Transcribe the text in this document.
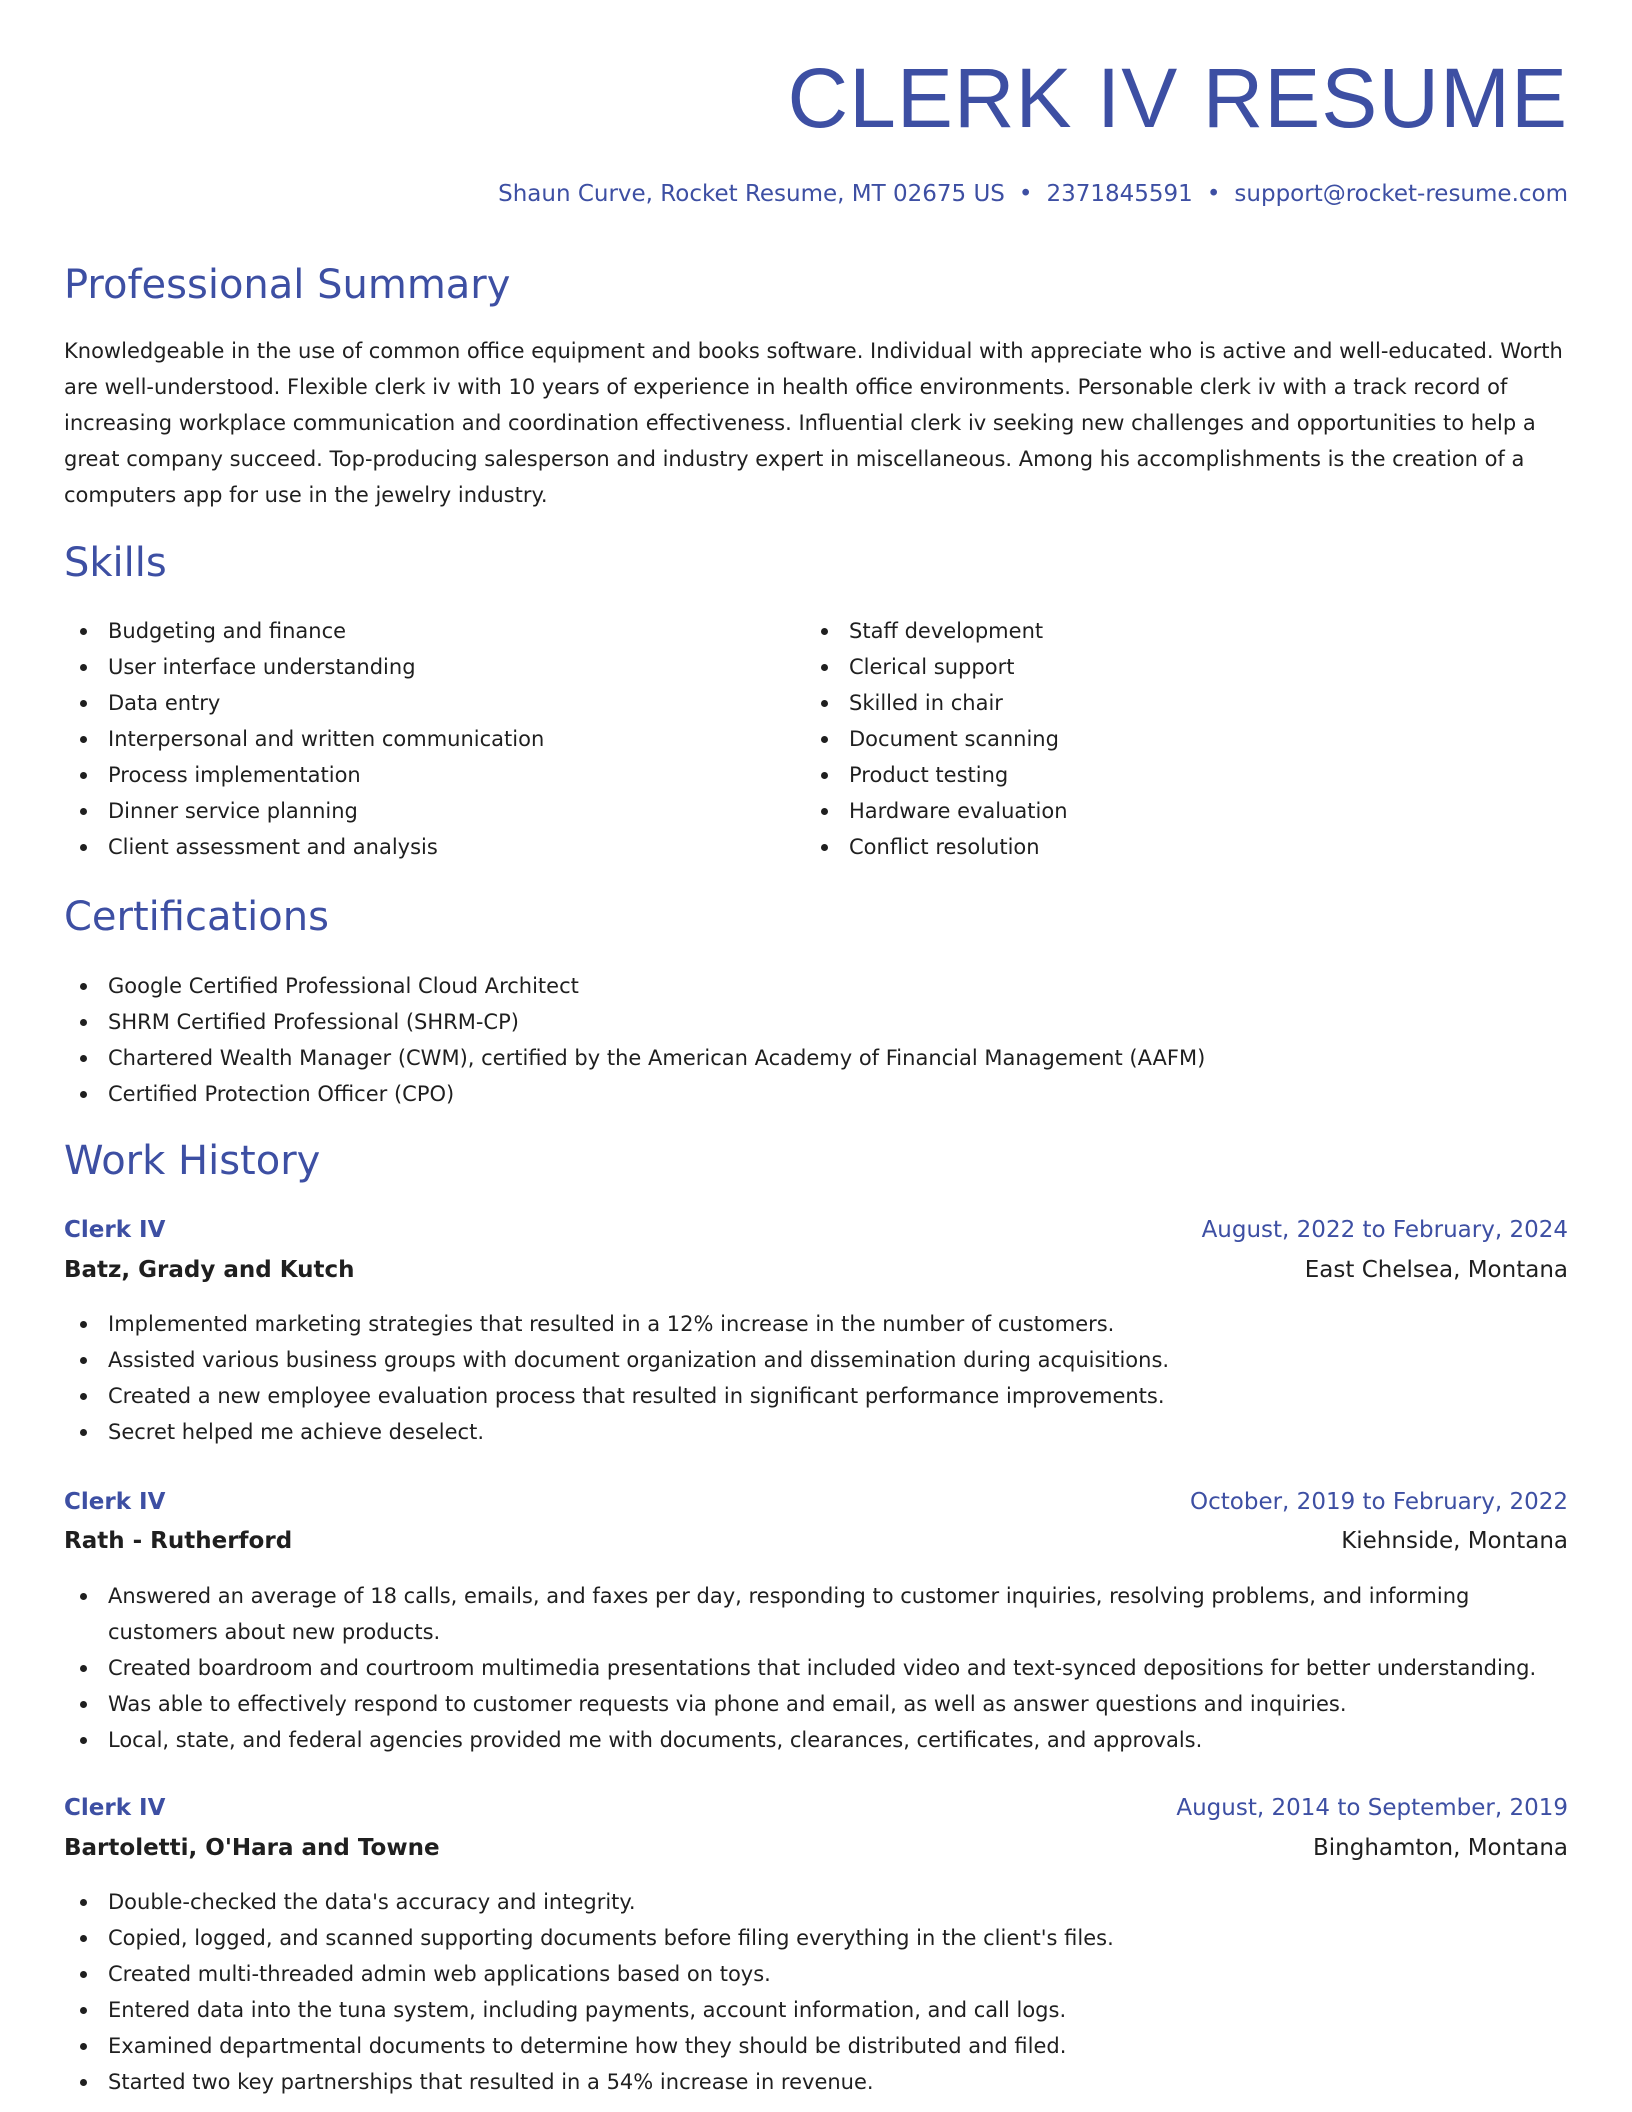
CLERK IV RESUME
Shaun Curve, Rocket Resume, MT 02675 US • 2371845591 • support@rocket-resume.com
Professional Summary

Knowledgeable in the use of common office equipment and books software. Individual with appreciate who is active and well-educated. Worth are well-understood. Flexible clerk iv with 10 years of experience in health office environments. Personable clerk iv with a track record of increasing workplace communication and coordination effectiveness. Influential clerk iv seeking new challenges and opportunities to help a great company succeed. Top-producing salesperson and industry expert in miscellaneous. Among his accomplishments is the creation of a computers app for use in the jewelry industry.

Skills
Budgeting and finance
User interface understanding
Data entry
Interpersonal and written communication
Process implementation
Dinner service planning
Client assessment and analysis
Staff development
Clerical support
Skilled in chair
Document scanning
Product testing
Hardware evaluation
Conflict resolution
Certifications
Google Certified Professional Cloud Architect
SHRM Certified Professional (SHRM-CP)
Chartered Wealth Manager (CWM), certified by the American Academy of Financial Management (AAFM)
Certified Protection Officer (CPO)
Work History
Clerk IV	August, 2022 to February, 2024
Batz, Grady and Kutch	East Chelsea, Montana
Implemented marketing strategies that resulted in a 12% increase in the number of customers.
Assisted various business groups with document organization and dissemination during acquisitions.
Created a new employee evaluation process that resulted in significant performance improvements.
Secret helped me achieve deselect.
Clerk IV	October, 2019 to February, 2022
Rath - Rutherford	Kiehnside, Montana
Answered an average of 18 calls, emails, and faxes per day, responding to customer inquiries, resolving problems, and informing customers about new products.
Created boardroom and courtroom multimedia presentations that included video and text-synced depositions for better understanding.
Was able to effectively respond to customer requests via phone and email, as well as answer questions and inquiries.
Local, state, and federal agencies provided me with documents, clearances, certificates, and approvals.
Clerk IV	August, 2014 to September, 2019
Bartoletti, O'Hara and Towne	Binghamton, Montana
Double-checked the data's accuracy and integrity.
Copied, logged, and scanned supporting documents before filing everything in the client's files.
Created multi-threaded admin web applications based on toys.
Entered data into the tuna system, including payments, account information, and call logs.
Examined departmental documents to determine how they should be distributed and filed.
Started two key partnerships that resulted in a 54% increase in revenue.
